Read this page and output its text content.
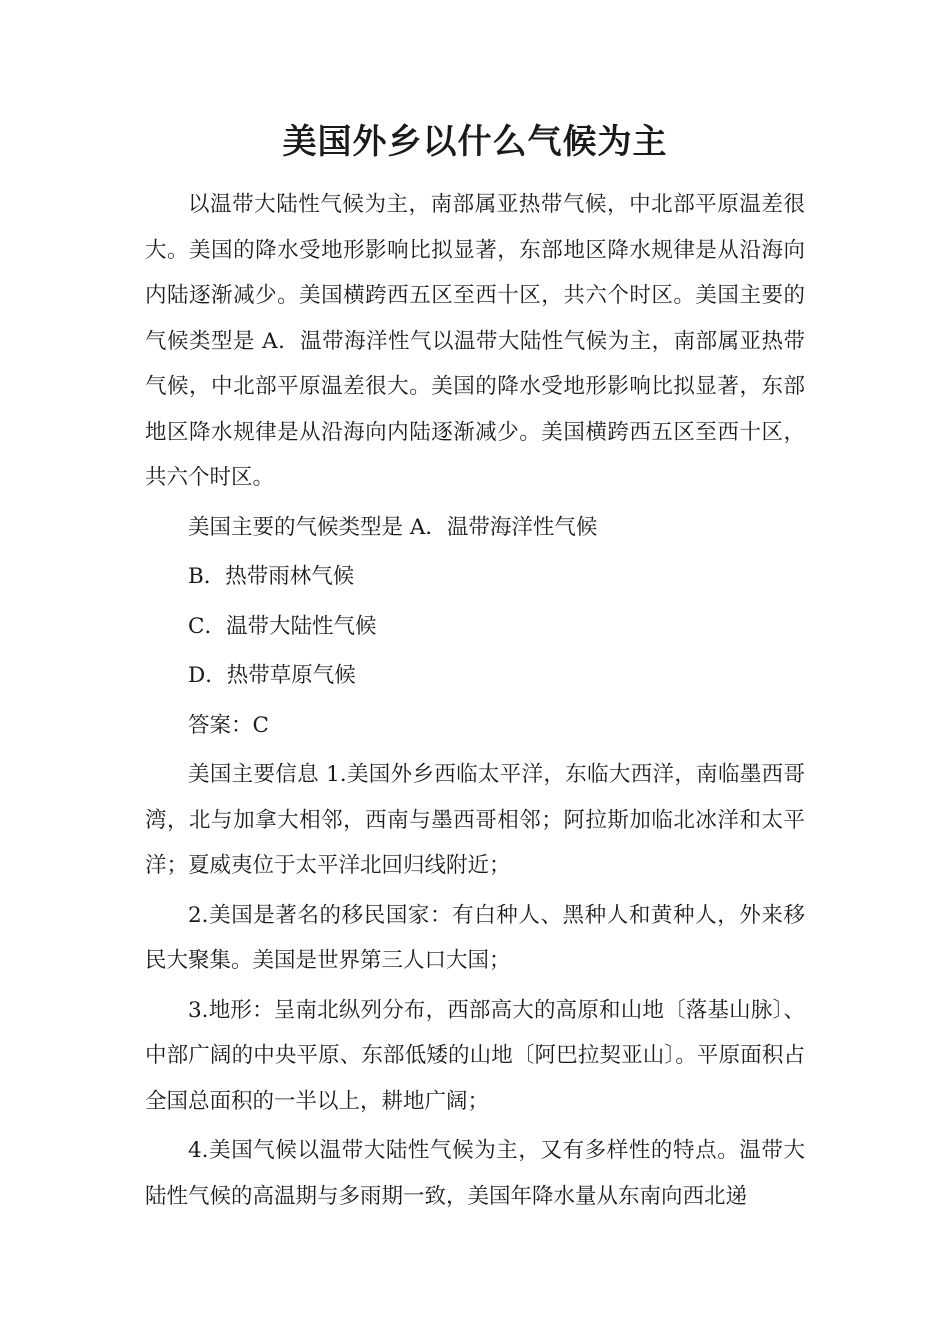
美国外乡以什么气候为主

以温带大陆性气候为主，南部属亚热带气候，中北部平原温差很大。美国的降水受地形影响比拟显著，东部地区降水规律是从沿海向内陆逐渐减少。美国横跨西五区至西十区，共六个时区。美国主要的气候类型是 A．温带海洋性气以温带大陆性气候为主，南部属亚热带气候，中北部平原温差很大。美国的降水受地形影响比拟显著，东部地区降水规律是从沿海向内陆逐渐减少。美国横跨西五区至西十区，共六个时区。

美国主要的气候类型是 A．温带海洋性气候

B．热带雨林气候

C．温带大陆性气候

D．热带草原气候

答案：C

美国主要信息 1.美国外乡西临太平洋，东临大西洋，南临墨西哥湾，北与加拿大相邻，西南与墨西哥相邻；阿拉斯加临北冰洋和太平洋；夏威夷位于太平洋北回归线附近；

2.美国是著名的移民国家：有白种人、黑种人和黄种人，外来移民大聚集。美国是世界第三人口大国；

3.地形：呈南北纵列分布，西部高大的高原和山地〔落基山脉〕、中部广阔的中央平原、东部低矮的山地〔阿巴拉契亚山〕。平原面积占全国总面积的一半以上，耕地广阔；

4.美国气候以温带大陆性气候为主，又有多样性的特点。温带大陆性气候的高温期与多雨期一致，美国年降水量从东南向西北递
